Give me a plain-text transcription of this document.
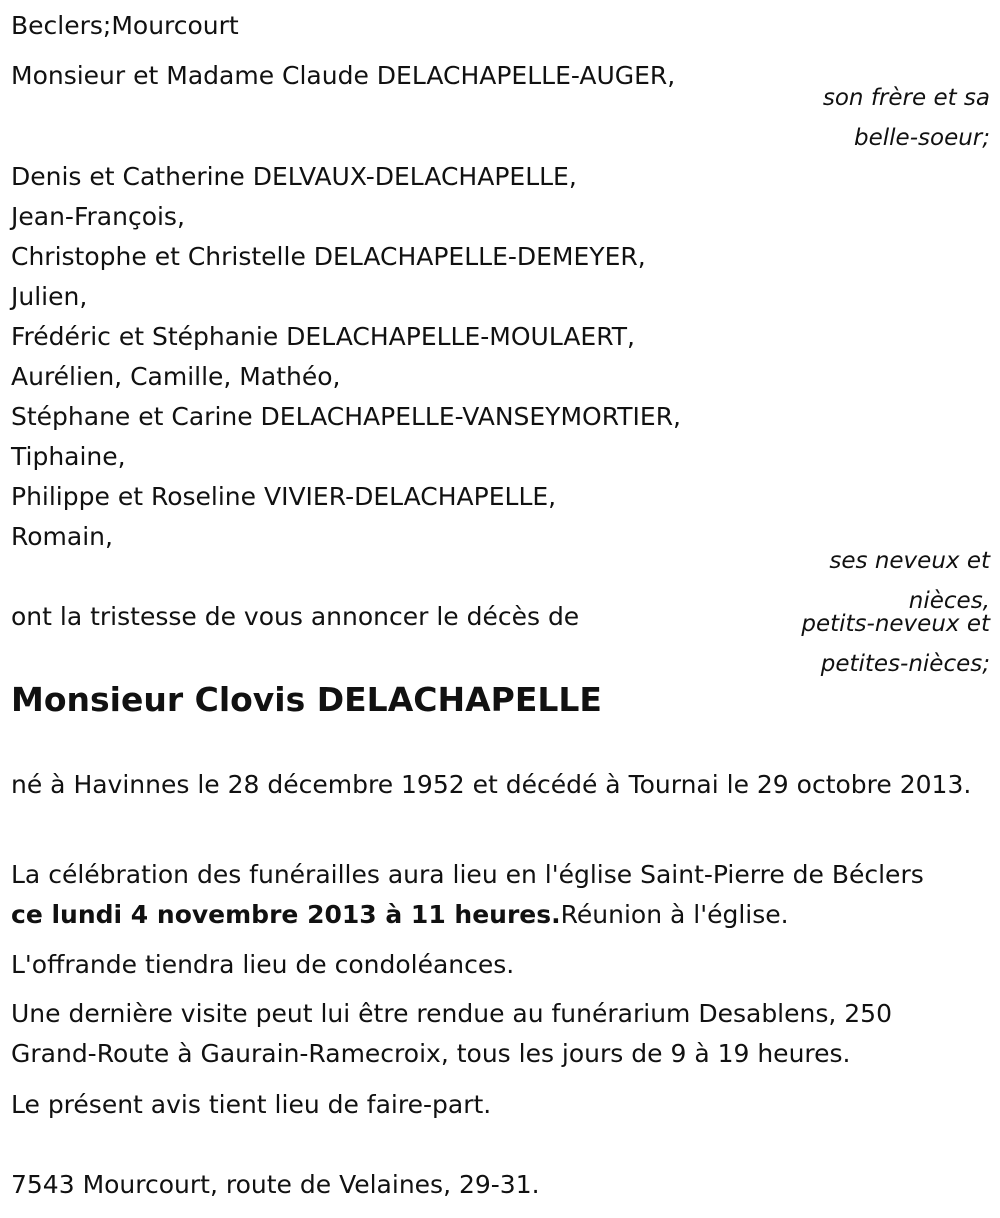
Beclers;Mourcourt
Monsieur et Madame Claude DELACHAPELLE-AUGER,
son frère et sa
belle-soeur;
Denis et Catherine DELVAUX-DELACHAPELLE,
Jean-François,
Christophe et Christelle DELACHAPELLE-DEMEYER,
Julien,
Frédéric et Stéphanie DELACHAPELLE-MOULAERT,
Aurélien, Camille, Mathéo,
Stéphane et Carine DELACHAPELLE-VANSEYMORTIER,
Tiphaine,
Philippe et Roseline VIVIER-DELACHAPELLE,
Romain,
ses neveux et
nièces,
petits-neveux et
petites-nièces;
ont la tristesse de vous annoncer le décès de
Monsieur Clovis DELACHAPELLE
né à Havinnes le 28 décembre 1952 et décédé à Tournai le 29 octobre 2013.
La célébration des funérailles aura lieu en l'église Saint-Pierre de Béclers
ce lundi 4 novembre 2013 à 11 heures.Réunion à l'église.
L'offrande tiendra lieu de condoléances.
Une dernière visite peut lui être rendue au funérarium Desablens, 250 Grand-Route à Gaurain-Ramecroix, tous les jours de 9 à 19 heures.
Le présent avis tient lieu de faire-part.
7543 Mourcourt, route de Velaines, 29-31.
